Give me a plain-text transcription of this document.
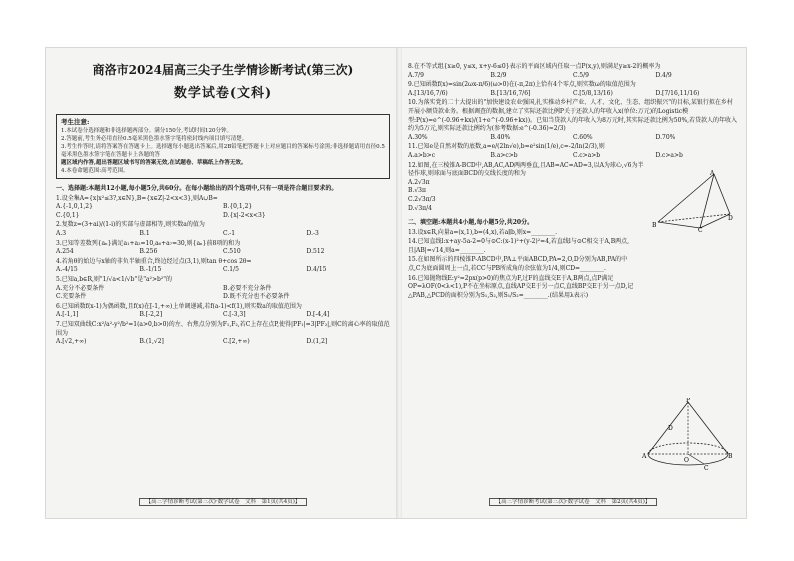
商洛市2024届高三尖子生学情诊断考试(第三次)
数学试卷(文科)
考生注意:

1.本试卷分选择题和非选择题两部分。满分150分,考试时间120分钟。

2.答题前,考生务必用直径0.5毫米黑色墨水签字笔将密封线内项目填写清楚。

3.考生作答时,请将答案答在答题卡上。选择题每小题选出答案后,用2B铅笔把答题卡上对应题目的答案标号涂黑;非选择题请用直径0.5毫米黑色墨水签字笔在答题卡上各题的答

题区域内作答,超出答题区域书写的答案无效,在试题卷、草稿纸上作答无效。

4.本卷命题范围:高考范围。

一、选择题:本题共12小题,每小题5分,共60分。在每小题给出的四个选项中,只有一项是符合题目要求的。

1.设全集A={x|x²≤3?,x∈N},B={x∈Z|-2<x<3},则A∪B=

A.{-1,0,1,2}	B.{0,1,2}
C.{0,1}	D.{x|-2<x<3}

2.复数z=(3+ai)/(1-i)的实部与虚部相等,则实数a的值为

A.3	B.1	C.-1	D.-3

3.已知等差数列{aₙ}满足a₁+a₂=10,a₆+a₇=30,则{aₙ}前8项的和为

A.254	B.256	C.510	D.512

4.若角θ的始边与x轴的非负半轴重合,终边经过点(3,1),则tan θ+cos 2θ=

A.-4/15	B.-1/15	C.1/5	D.4/15

5.已知a,b∈R,则"1/√a<1/√b"是"a²>b²"的

A.充分不必要条件	B.必要不充分条件
C.充要条件	D.既不充分也不必要条件

6.已知函数f(x-1)为偶函数,且f(x)在[-1,+∞)上单调递减,若f(a-1)<f(1),则实数a的取值范围为

A.[-1,1]	B.[-2,2]	C.[-3,3]	D.[-4,4]

7.已知双曲线C:x²/a²-y²/b²=1(a>0,b>0)的左、右焦点分别为F₁,F₂,若C上存在点P,使得|PF₁|=3|PF₂|,则C的离心率的取值范围为

A.[√2,+∞)	B.(1,√2]	C.[2,+∞)	D.(1,2]
【高三学情诊断考试(第三次)·数学试卷　文科　第1页(共4页)】

8.在不等式组{x≥0, y≤x, x+y-6≤0}表示的平面区域内任取一点P(x,y),则满足y≥x-2的概率为

A.7/9	B.2/9	C.5/9	D.4/9

9.已知函数f(x)=sin(2ωx-π/6)(ω>0)在(-π,2π)上恰有4个零点,则实数ω的取值范围为

A.[13/16,7/6)	B.[13/16,7/6]	C.[5/8,13/16)	D.[7/16,11/16)

10.为落实党的二十大提出的"加快建设农业强国,扎实推动乡村产业、人才、文化、生态、组织振兴"的目标,某银行拟在乡村开展小额贷款业务。根据调查的数据,建立了实际还款比例P关于还款人的年收入x(单位:万元)的Logistic模型:P(x)=e^(-0.96+kx)/(1+e^(-0.96+kx))。已知当贷款人的年收入为8万元时,其实际还款比例为50%,若贷款人的年收入约为5万元,则实际还款比例约为(参考数据:e^(-0.36)≈2/3)

A.30%	B.40%	C.60%	D.70%

11.已知e是自然对数的底数,a=e/(2ln√e),b=e²sin(1/e),c=-2/ln(2/3),则

A.a>b>c	B.a>c>b	C.c>a>b	D.c>a>b

12.如图,在三棱锥A-BCD中,AB,AC,AD两两垂直,且AB=AC=AD=3,以A为球心,√6为半径作球,则球面与底面BCD的交线长度的和为

A.2√3π
B.√3π
C.2√3π/3
D.√3π/4
A
B
C
D
二、填空题:本题共4小题,每小题5分,共20分。

13.设x∈R,向量a=(x,1),b=(4,x),若a∥b,则x=________.

14.已知直线l:x+ay-5a-2=0与⊙C:(x-1)²+(y-2)²=4,若直线l与⊙C相交于A,B两点,且|AB|=√14,则a=________.

15.在如图所示的四棱锥P-ABCD中,PA⊥平面ABCD,PA=2,O,D分别为AB,PA的中点,C为底面圆周上一点,若CC与PB所成角的余弦值为1/4,则CD=________.

16.已知抛物线E:y²=2px(p>0)的焦点为F,过F的直线交E于A,B两点,点P满足OP=λOF(0<λ<1),P不在坐标原点,直线AP交E于另一点C,直线BP交E于另一点D,记△PAB,△PCD的面积分别为S₁,S₂,则S₁/S₂=________.(结果用λ表示)

P
A	B
C
D
O
【高三学情诊断考试(第三次)·数学试卷　文科　第2页(共4页)】
